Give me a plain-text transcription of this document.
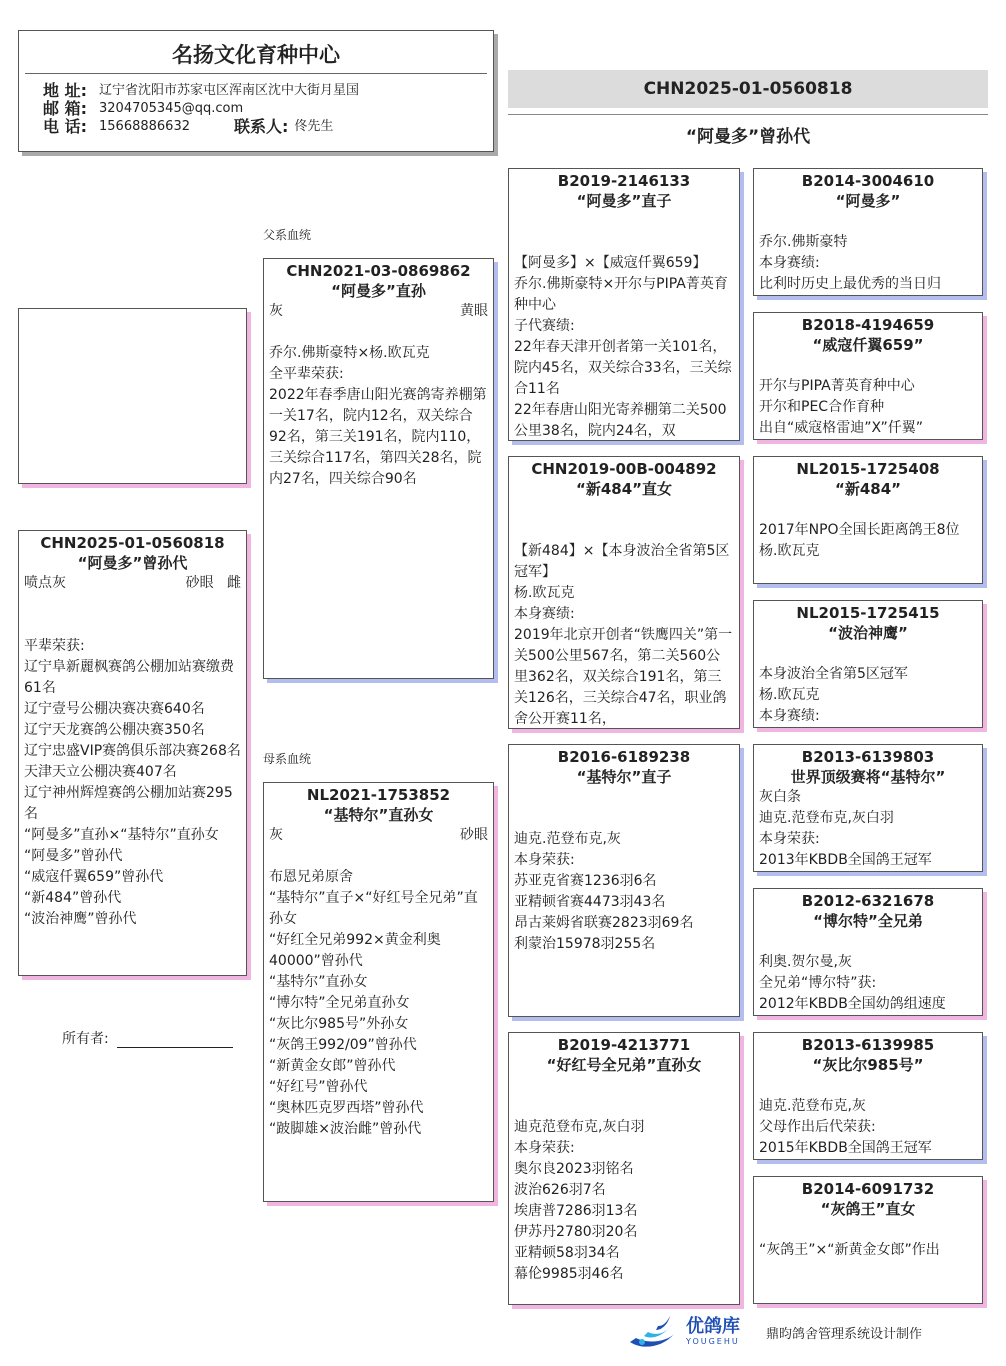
名扬文化育种中心
地 址: 辽宁省沈阳市苏家屯区浑南区沈中大街月星国
邮 箱: 3204705345@qq.com
电 话: 15668886632	联系人: 佟先生
CHN2025-01-0560818
“阿曼多”曾孙代
父系血统
母系血统
CHN2025-01-0560818
“阿曼多”曾孙代
喷点灰	砂眼 雌
平辈荣获:
辽宁阜新麗枫赛鸽公棚加站赛缴费61名
辽宁壹号公棚决赛决赛640名
辽宁天龙赛鸽公棚决赛350名
辽宁忠盛VIP赛鸽俱乐部决赛268名
天津天立公棚决赛407名
辽宁神州辉煌赛鸽公棚加站赛295名
“阿曼多”直孙×“基特尔”直孙女
“阿曼多”曾孙代
“威寇仟翼659”曾孙代
“新484”曾孙代
“波治神鹰”曾孙代
所有者:
CHN2021-03-0869862
“阿曼多”直孙
灰	黄眼
乔尔.佛斯豪特×杨.欧瓦克
全平辈荣获:
2022年春季唐山阳光赛鸽寄养棚第一关17名，院内12名，双关综合92名，第三关191名，院内110，三关综合117名，第四关28名，院内27名，四关综合90名
NL2021-1753852
“基特尔”直孙女
灰	砂眼
布恩兄弟原舍
“基特尔”直子×“好红号全兄弟”直孙女
“好红全兄弟992×黄金利奥40000”曾孙代
“基特尔”直孙女
“博尔特”全兄弟直孙女
“灰比尔985号”外孙女
“灰鸽王992/09”曾孙代
“新黄金女郎”曾孙代
“好红号”曾孙代
“奥林匹克罗西塔”曾孙代
“跛脚雄×波治雌”曾孙代
B2019-2146133
“阿曼多”直子
【阿曼多】×【威寇仟翼659】
乔尔.佛斯豪特×开尔与PIPA菁英育种中心
子代赛绩:
22年春天津开创者第一关101名，院内45名，双关综合33名，三关综合11名
22年春唐山阳光寄养棚第二关500公里38名，院内24名，双
CHN2019-00B-004892
“新484”直女
【新484】×【本身波治全省第5区冠军】
杨.欧瓦克
本身赛绩:
2019年北京开创者“铁鹰四关”第一关500公里567名，第二关560公里362名，双关综合191名，第三关126名，三关综合47名，职业鸽舍公开赛11名，
B2016-6189238
“基特尔”直子
迪克.范登布克,灰
本身荣获:
苏亚克省赛1236羽6名
亚精顿省赛4473羽43名
昂古莱姆省联赛2823羽69名
利蒙治15978羽255名
B2019-4213771
“好红号全兄弟”直孙女
迪克范登布克,灰白羽
本身荣获:
奥尔良2023羽铭名
波治626羽7名
埃唐普7286羽13名
伊苏丹2780羽20名
亚精顿58羽34名
幕伦9985羽46名
B2014-3004610
“阿曼多”
乔尔.佛斯豪特
本身赛绩:
比利时历史上最优秀的当日归
B2018-4194659
“威寇仟翼659”
开尔与PIPA菁英育种中心
开尔和PEC合作育种
出自“威寇格雷迪”X”仟翼”
NL2015-1725408
“新484”
2017年NPO全国长距离鸽王8位
杨.欧瓦克
NL2015-1725415
“波治神鹰”
本身波治全省第5区冠军
杨.欧瓦克
本身赛绩:
B2013-6139803
世界顶级赛将“基特尔”
灰白条
迪克.范登布克,灰白羽
本身荣获:
2013年KBDB全国鸽王冠军
B2012-6321678
“博尔特”全兄弟
利奥.贺尔曼,灰
全兄弟“博尔特”获:
2012年KBDB全国幼鸽组速度
B2013-6139985
“灰比尔985号”
迪克.范登布克,灰
父母作出后代荣获:
2015年KBDB全国鸽王冠军
B2014-6091732
“灰鸽王”直女
“灰鸽王”×“新黄金女郎”作出
优鸽库
YOUGEHU 鼎昀鸽舍管理系统设计制作
